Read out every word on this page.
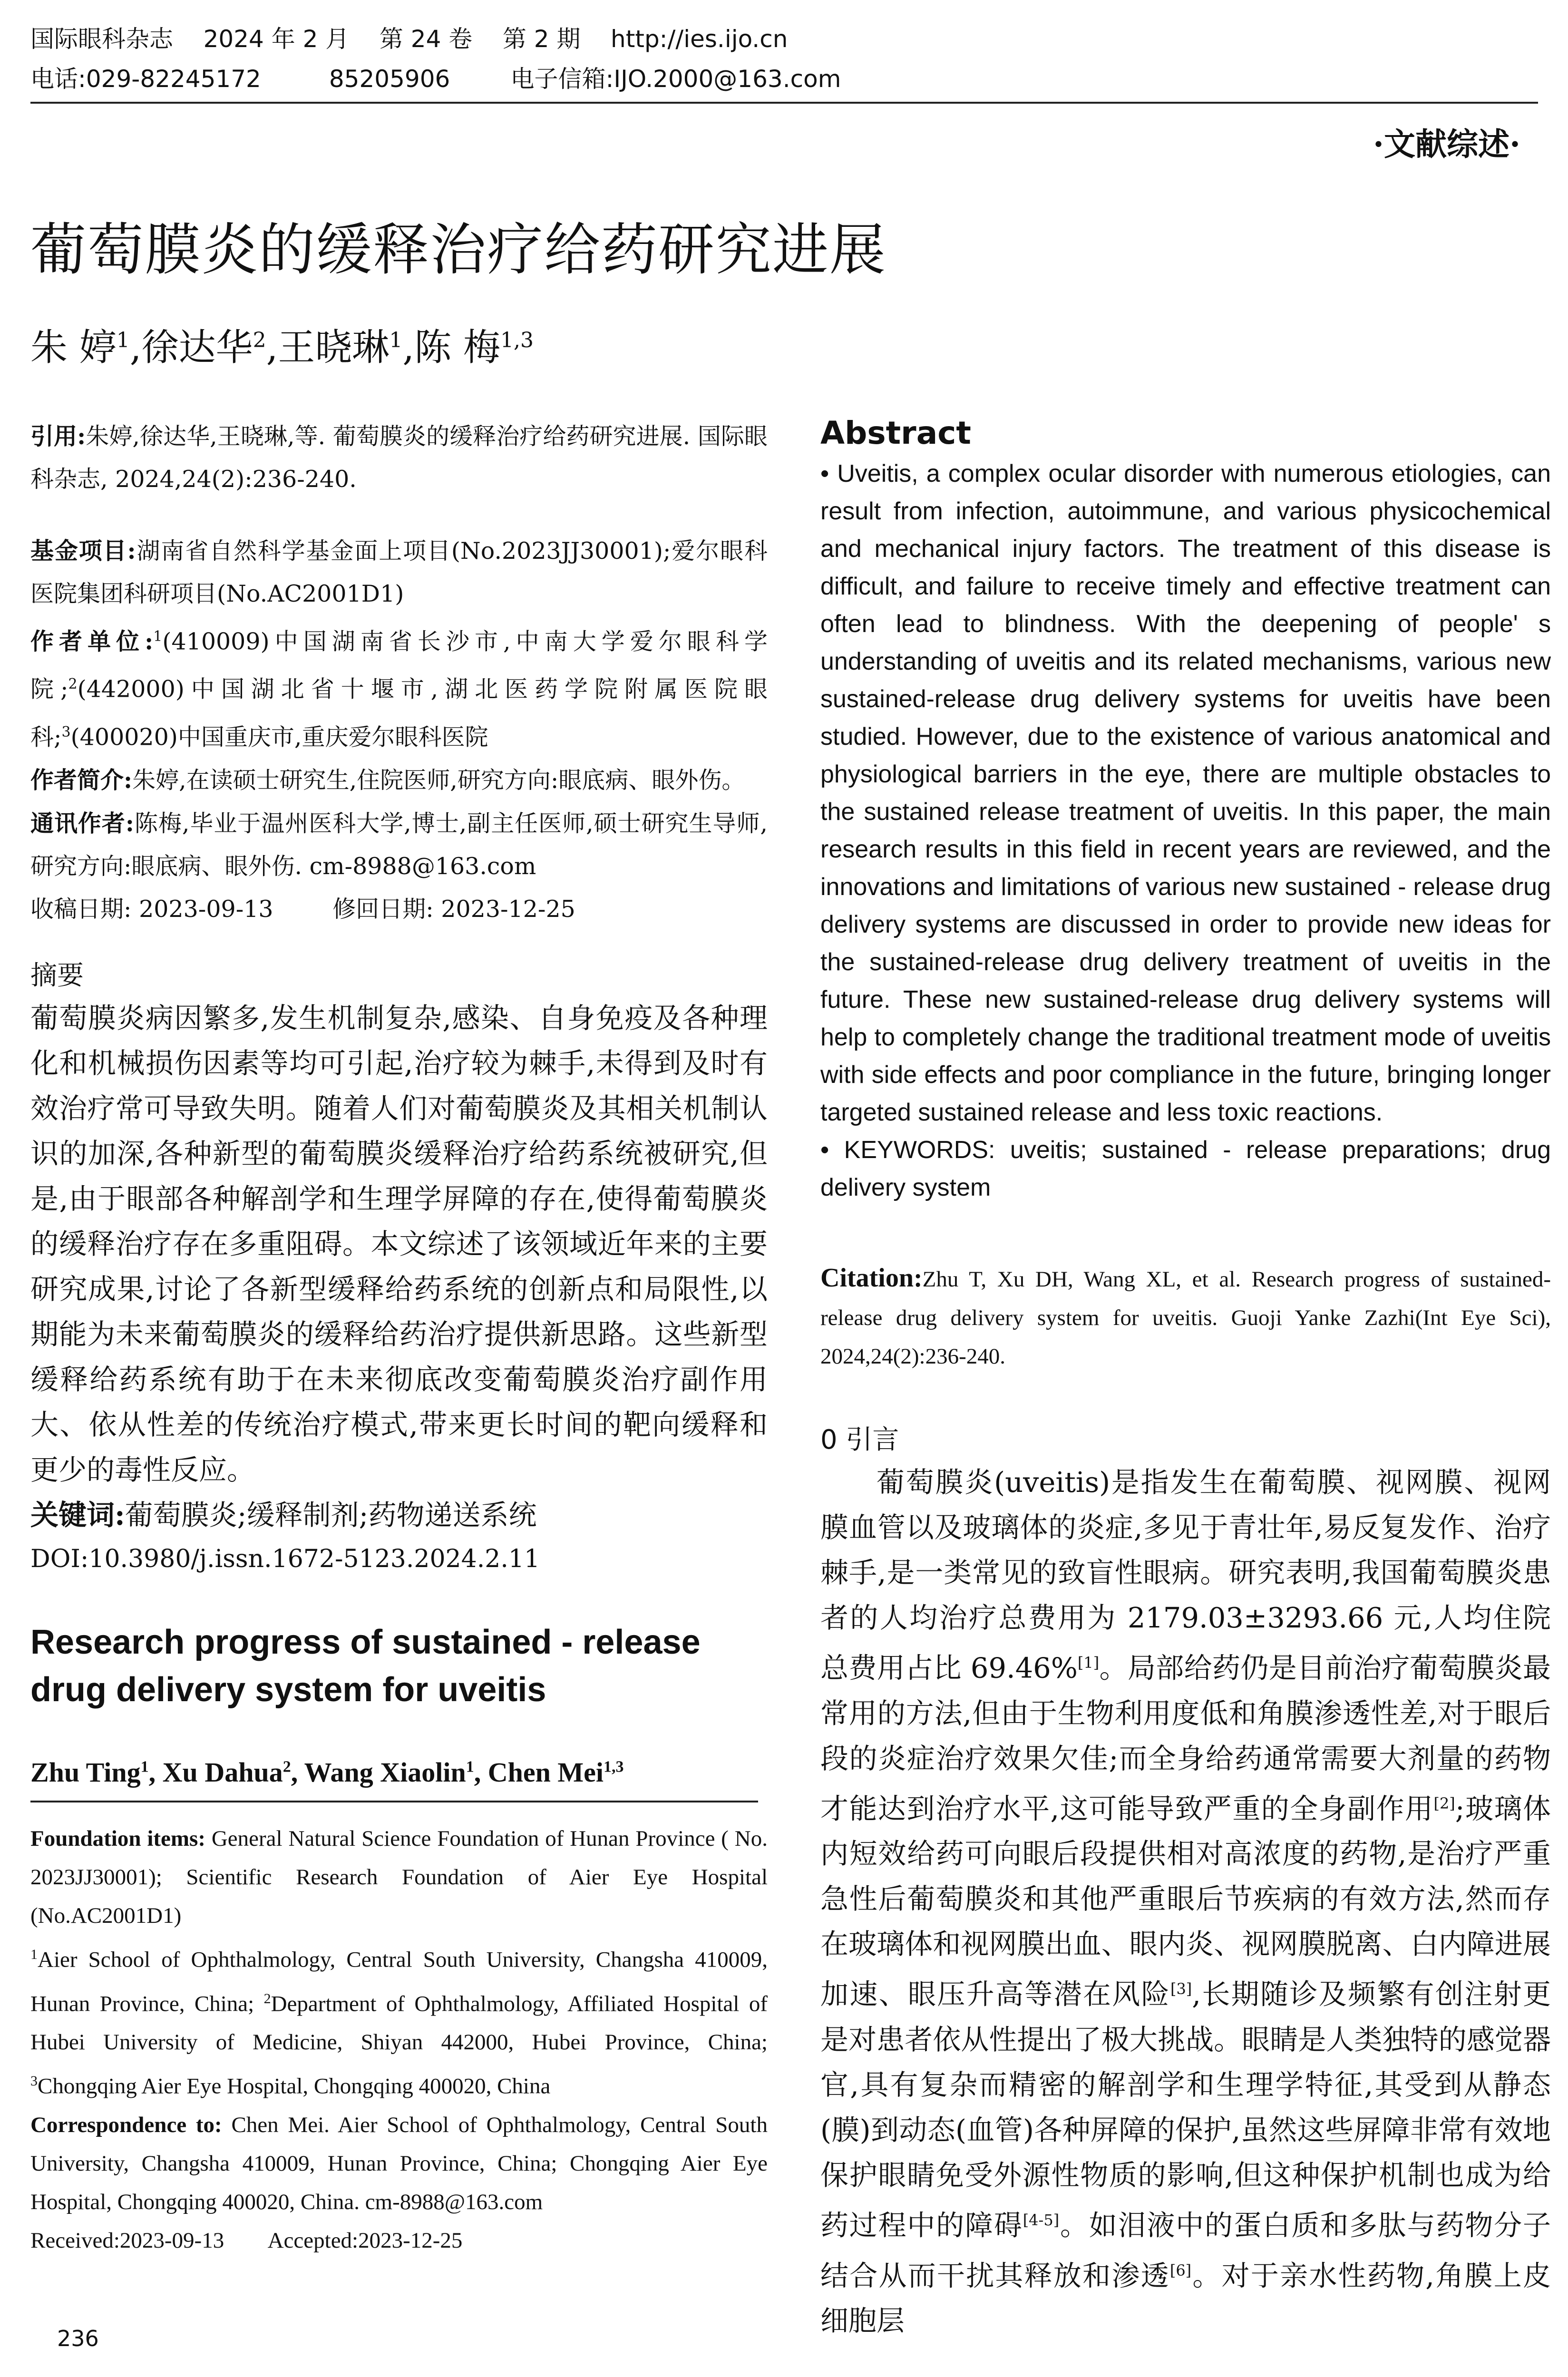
国际眼科杂志    2024 年 2 月    第 24 卷    第 2 期    http://ies.ijo.cn
电话:029-82245172         85205906        电子信箱:IJO.2000@163.com
·文献综述·
葡萄膜炎的缓释治疗给药研究进展
朱 婷$^1$,徐达华$^2$,王晓琳$^1$,陈 梅$^{1,3}$

引用:朱婷,徐达华,王晓琳,等. 葡萄膜炎的缓释治疗给药研究进展. 国际眼科杂志, 2024,24(2):236-240.

基金项目:湖南省自然科学基金面上项目(No.2023JJ30001);爱尔眼科医院集团科研项目(No.AC2001D1)

作者单位:$^1$(410009)中国湖南省长沙市,中南大学爱尔眼科学院;$^2$(442000)中国湖北省十堰市,湖北医药学院附属医院眼科;$^3$(400020)中国重庆市,重庆爱尔眼科医院

作者简介:朱婷,在读硕士研究生,住院医师,研究方向:眼底病、眼外伤。

通讯作者:陈梅,毕业于温州医科大学,博士,副主任医师,硕士研究生导师,研究方向:眼底病、眼外伤. cm-8988@163.com

收稿日期: 2023-09-13        修回日期: 2023-12-25

摘要

葡萄膜炎病因繁多,发生机制复杂,感染、自身免疫及各种理化和机械损伤因素等均可引起,治疗较为棘手,未得到及时有效治疗常可导致失明。随着人们对葡萄膜炎及其相关机制认识的加深,各种新型的葡萄膜炎缓释治疗给药系统被研究,但是,由于眼部各种解剖学和生理学屏障的存在,使得葡萄膜炎的缓释治疗存在多重阻碍。本文综述了该领域近年来的主要研究成果,讨论了各新型缓释给药系统的创新点和局限性,以期能为未来葡萄膜炎的缓释给药治疗提供新思路。这些新型缓释给药系统有助于在未来彻底改变葡萄膜炎治疗副作用大、依从性差的传统治疗模式,带来更长时间的靶向缓释和更少的毒性反应。

关键词:葡萄膜炎;缓释制剂;药物递送系统

DOI:10.3980/j.issn.1672-5123.2024.2.11

Research progress of sustained - release drug delivery system for uveitis
Zhu Ting$^1$, Xu Dahua$^2$, Wang Xiaolin$^1$, Chen Mei$^{1,3}$

Foundation items: General Natural Science Foundation of Hunan Province ( No. 2023JJ30001); Scientific Research Foundation of Aier Eye Hospital (No.AC2001D1)

$^1$Aier School of Ophthalmology, Central South University, Changsha 410009, Hunan Province, China; $^2$Department of Ophthalmology, Affiliated Hospital of Hubei University of Medicine, Shiyan 442000, Hubei Province, China; $^3$Chongqing Aier Eye Hospital, Chongqing 400020, China

Correspondence to: Chen Mei. Aier School of Ophthalmology, Central South University, Changsha 410009, Hunan Province, China; Chongqing Aier Eye Hospital, Chongqing 400020, China. cm-8988@163.com

Received:2023-09-13        Accepted:2023-12-25

Abstract

• Uveitis, a complex ocular disorder with numerous etiologies, can result from infection, autoimmune, and various physicochemical and mechanical injury factors. The treatment of this disease is difficult, and failure to receive timely and effective treatment can often lead to blindness. With the deepening of people' s understanding of uveitis and its related mechanisms, various new sustained-release drug delivery systems for uveitis have been studied. However, due to the existence of various anatomical and physiological barriers in the eye, there are multiple obstacles to the sustained release treatment of uveitis. In this paper, the main research results in this field in recent years are reviewed, and the innovations and limitations of various new sustained - release drug delivery systems are discussed in order to provide new ideas for the sustained-release drug delivery treatment of uveitis in the future. These new sustained-release drug delivery systems will help to completely change the traditional treatment mode of uveitis with side effects and poor compliance in the future, bringing longer targeted sustained release and less toxic reactions.

• KEYWORDS: uveitis; sustained - release preparations; drug delivery system

Citation:Zhu T, Xu DH, Wang XL, et al. Research progress of sustained-release drug delivery system for uveitis. Guoji Yanke Zazhi(Int Eye Sci), 2024,24(2):236-240.

0 引言

葡萄膜炎(uveitis)是指发生在葡萄膜、视网膜、视网膜血管以及玻璃体的炎症,多见于青壮年,易反复发作、治疗棘手,是一类常见的致盲性眼病。研究表明,我国葡萄膜炎患者的人均治疗总费用为 2179.03±3293.66 元,人均住院总费用占比 69.46%[1]。局部给药仍是目前治疗葡萄膜炎最常用的方法,但由于生物利用度低和角膜渗透性差,对于眼后段的炎症治疗效果欠佳;而全身给药通常需要大剂量的药物才能达到治疗水平,这可能导致严重的全身副作用[2];玻璃体内短效给药可向眼后段提供相对高浓度的药物,是治疗严重急性后葡萄膜炎和其他严重眼后节疾病的有效方法,然而存在玻璃体和视网膜出血、眼内炎、视网膜脱离、白内障进展加速、眼压升高等潜在风险[3],长期随诊及频繁有创注射更是对患者依从性提出了极大挑战。眼睛是人类独特的感觉器官,具有复杂而精密的解剖学和生理学特征,其受到从静态(膜)到动态(血管)各种屏障的保护,虽然这些屏障非常有效地保护眼睛免受外源性物质的影响,但这种保护机制也成为给药过程中的障碍[4-5]。如泪液中的蛋白质和多肽与药物分子结合从而干扰其释放和渗透[6]。对于亲水性药物,角膜上皮细胞层

236
